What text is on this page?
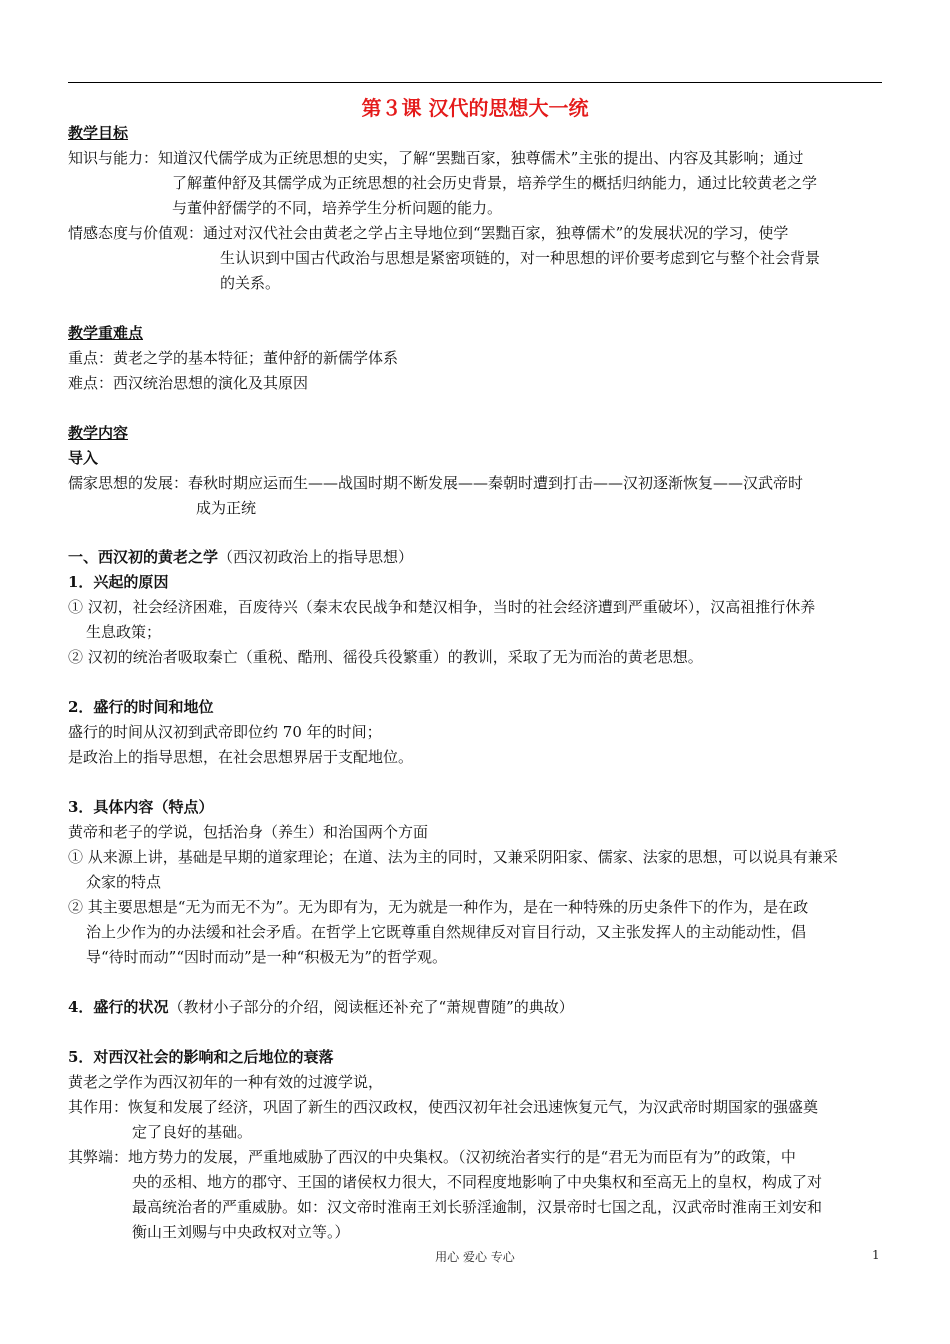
第３课 汉代的思想大一统
教学目标
知识与能力：知道汉代儒学成为正统思想的史实，了解“罢黜百家，独尊儒术”主张的提出、内容及其影响；通过
了解董仲舒及其儒学成为正统思想的社会历史背景，培养学生的概括归纳能力，通过比较黄老之学
与董仲舒儒学的不同，培养学生分析问题的能力。
情感态度与价值观：通过对汉代社会由黄老之学占主导地位到“罢黜百家，独尊儒术”的发展状况的学习，使学
生认识到中国古代政治与思想是紧密项链的，对一种思想的评价要考虑到它与整个社会背景
的关系。
教学重难点
重点：黄老之学的基本特征；董仲舒的新儒学体系
难点：西汉统治思想的演化及其原因
教学内容
导入
儒家思想的发展：春秋时期应运而生——战国时期不断发展——秦朝时遭到打击——汉初逐渐恢复——汉武帝时
成为正统
一、西汉初的黄老之学（西汉初政治上的指导思想）
1．兴起的原因
① 汉初，社会经济困难，百废待兴（秦末农民战争和楚汉相争，当时的社会经济遭到严重破坏），汉高祖推行休养
生息政策；
② 汉初的统治者吸取秦亡（重税、酷刑、徭役兵役繁重）的教训，采取了无为而治的黄老思想。
2．盛行的时间和地位
盛行的时间从汉初到武帝即位约 70 年的时间；
是政治上的指导思想，在社会思想界居于支配地位。
3．具体内容（特点）
黄帝和老子的学说，包括治身（养生）和治国两个方面
① 从来源上讲，基础是早期的道家理论；在道、法为主的同时，又兼采阴阳家、儒家、法家的思想，可以说具有兼采
众家的特点
② 其主要思想是“无为而无不为”。无为即有为，无为就是一种作为，是在一种特殊的历史条件下的作为，是在政
治上少作为的办法缓和社会矛盾。在哲学上它既尊重自然规律反对盲目行动，又主张发挥人的主动能动性，倡
导“待时而动”“因时而动”是一种“积极无为”的哲学观。
4．盛行的状况（教材小子部分的介绍，阅读框还补充了“萧规曹随”的典故）
5．对西汉社会的影响和之后地位的衰落
黄老之学作为西汉初年的一种有效的过渡学说，
其作用：恢复和发展了经济，巩固了新生的西汉政权，使西汉初年社会迅速恢复元气，为汉武帝时期国家的强盛奠
定了良好的基础。
其弊端：地方势力的发展，严重地威胁了西汉的中央集权。（汉初统治者实行的是“君无为而臣有为”的政策，中
央的丞相、地方的郡守、王国的诸侯权力很大，不同程度地影响了中央集权和至高无上的皇权，构成了对
最高统治者的严重威胁。如：汉文帝时淮南王刘长骄淫逾制，汉景帝时七国之乱，汉武帝时淮南王刘安和
衡山王刘赐与中央政权对立等。）
用心 爱心 专心	1
